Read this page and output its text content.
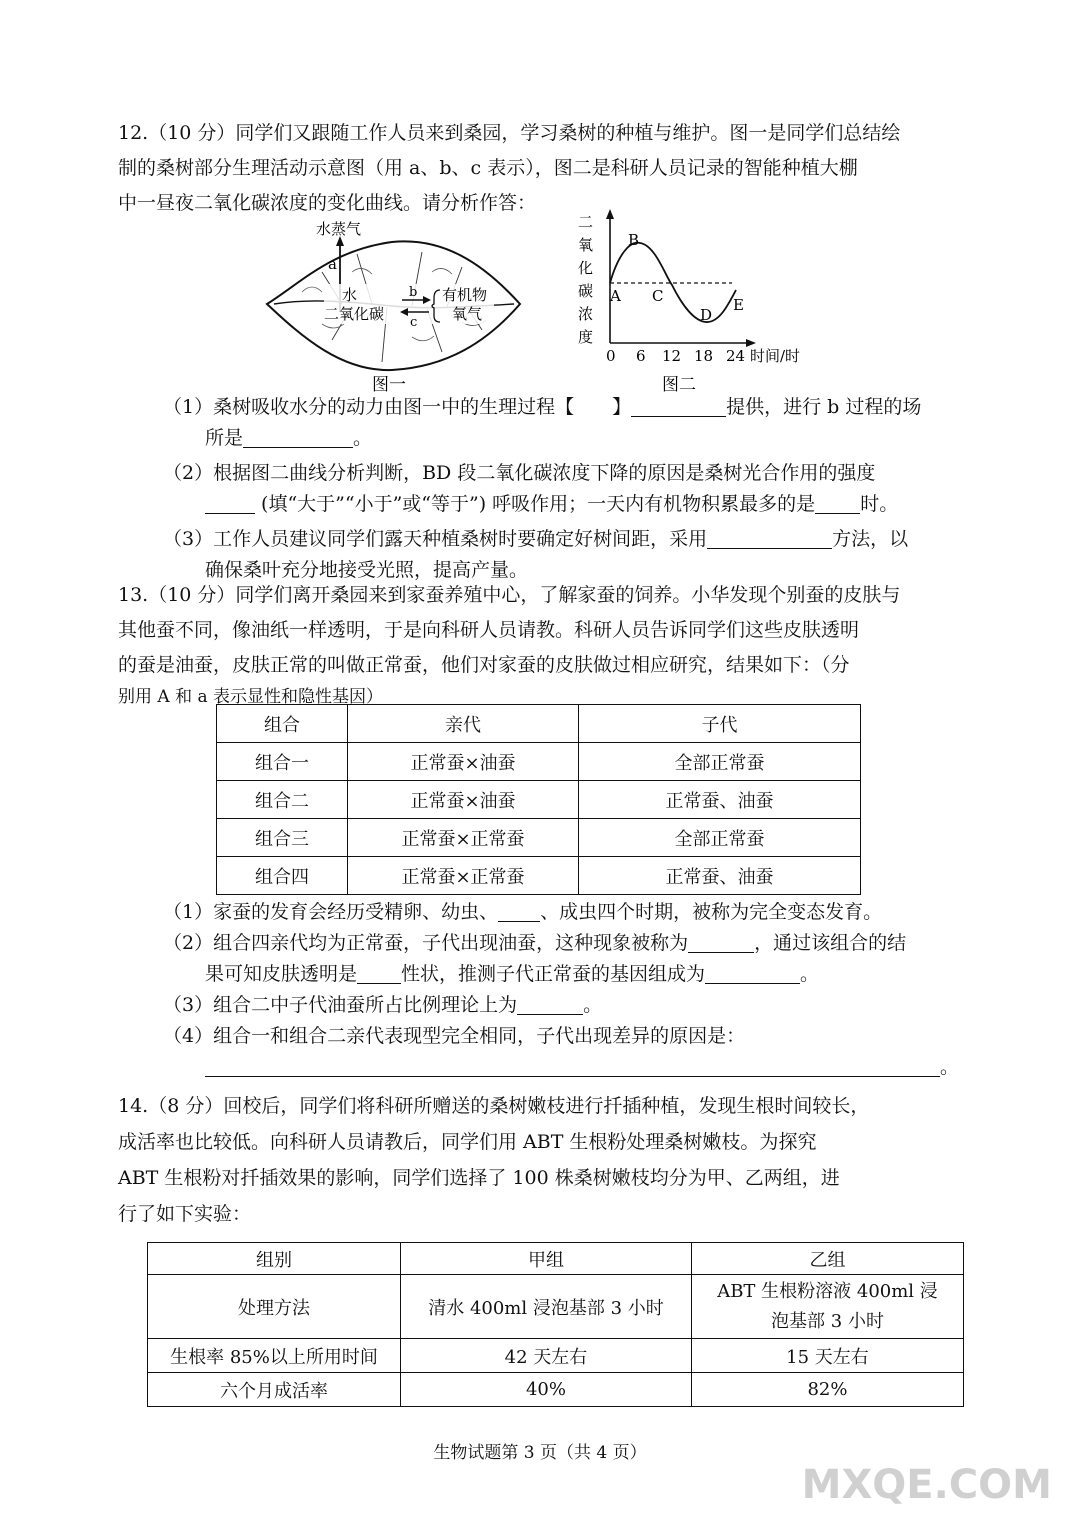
12.（10 分）同学们又跟随工作人员来到桑园，学习桑树的种植与维护。图一是同学们总结绘

制的桑树部分生理活动示意图（用 a、b、c 表示），图二是科研人员记录的智能种植大棚

中一昼夜二氧化碳浓度的变化曲线。请分析作答：

水蒸气
a
水
二氧化碳
b
c
有机物
氧气
图一
二
氧
化
碳
浓
度
A
B
C
D
E
0 6 12 18 24 时间/时
图二

（1）桑树吸收水分的动力由图一中的生理过程【　　】	提供，进行 b 过程的场

所是	。

（2）根据图二曲线分析判断，BD 段二氧化碳浓度下降的原因是桑树光合作用的强度

(填“大于”“小于”或“等于”) 呼吸作用；一天内有机物积累最多的是 时。

（3）工作人员建议同学们露天种植桑树时要确定好树间距，采用	方法，以

确保桑叶充分地接受光照，提高产量。

13.（10 分）同学们离开桑园来到家蚕养殖中心，了解家蚕的饲养。小华发现个别蚕的皮肤与

其他蚕不同，像油纸一样透明，于是向科研人员请教。科研人员告诉同学们这些皮肤透明

的蚕是油蚕，皮肤正常的叫做正常蚕，他们对家蚕的皮肤做过相应研究，结果如下：（分

别用 A 和 a 表示显性和隐性基因）

组合	亲代	子代
组合一	正常蚕×油蚕	全部正常蚕
组合二	正常蚕×油蚕	正常蚕、油蚕
组合三	正常蚕×正常蚕	全部正常蚕
组合四	正常蚕×正常蚕	正常蚕、油蚕

（1）家蚕的发育会经历受精卵、幼虫、 、成虫四个时期，被称为完全变态发育。

（2）组合四亲代均为正常蚕，子代出现油蚕，这种现象被称为	，通过该组合的结

果可知皮肤透明是 性状，推测子代正常蚕的基因组成为	。

（3）组合二中子代油蚕所占比例理论上为	。

（4）组合一和组合二亲代表现型完全相同，子代出现差异的原因是：

。

14.（8 分）回校后，同学们将科研所赠送的桑树嫩枝进行扦插种植，发现生根时间较长，

成活率也比较低。向科研人员请教后，同学们用 ABT 生根粉处理桑树嫩枝。为探究

ABT 生根粉对扦插效果的影响，同学们选择了 100 株桑树嫩枝均分为甲、乙两组，进

行了如下实验：

组别	甲组	乙组
处理方法	清水 400ml 浸泡基部 3 小时	ABT 生根粉溶液 400ml 浸
泡基部 3 小时
生根率 85%以上所用时间	42 天左右	15 天左右
六个月成活率	40%	82%
生物试题第 3 页（共 4 页）
MXQE.COM
